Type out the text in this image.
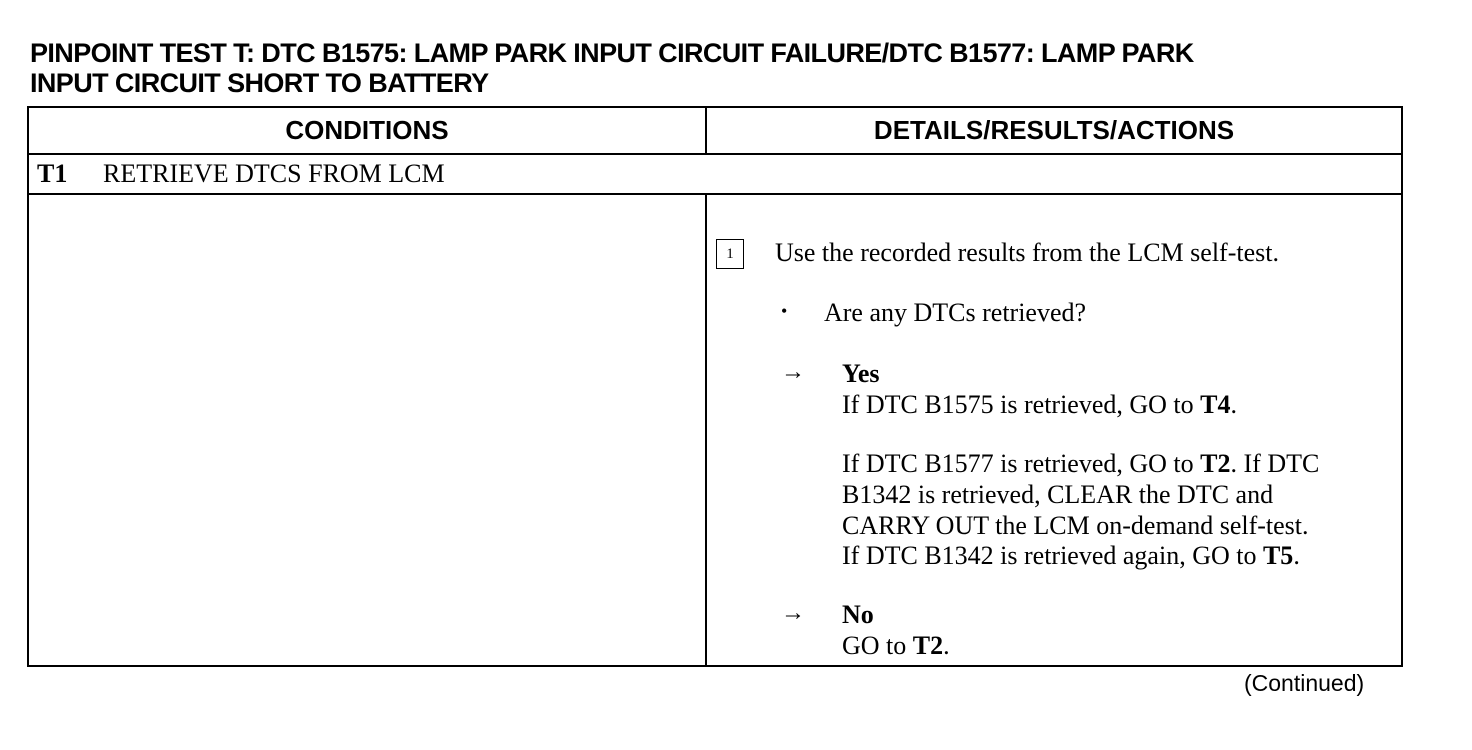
PINPOINT TEST T: DTC B1575: LAMP PARK INPUT CIRCUIT FAILURE/DTC B1577: LAMP PARK
INPUT CIRCUIT SHORT TO BATTERY
CONDITIONS	DETAILS/RESULTS/ACTIONS
T1	RETRIEVE DTCS FROM LCM
1	Use the recorded results from the LCM self-test.
• Are any DTCs retrieved?
→ Yes
If DTC B1575 is retrieved, GO to T4.
If DTC B1577 is retrieved, GO to T2. If DTC
B1342 is retrieved, CLEAR the DTC and
CARRY OUT the LCM on-demand self-test.
If DTC B1342 is retrieved again, GO to T5.
→ No
GO to T2.
(Continued)
